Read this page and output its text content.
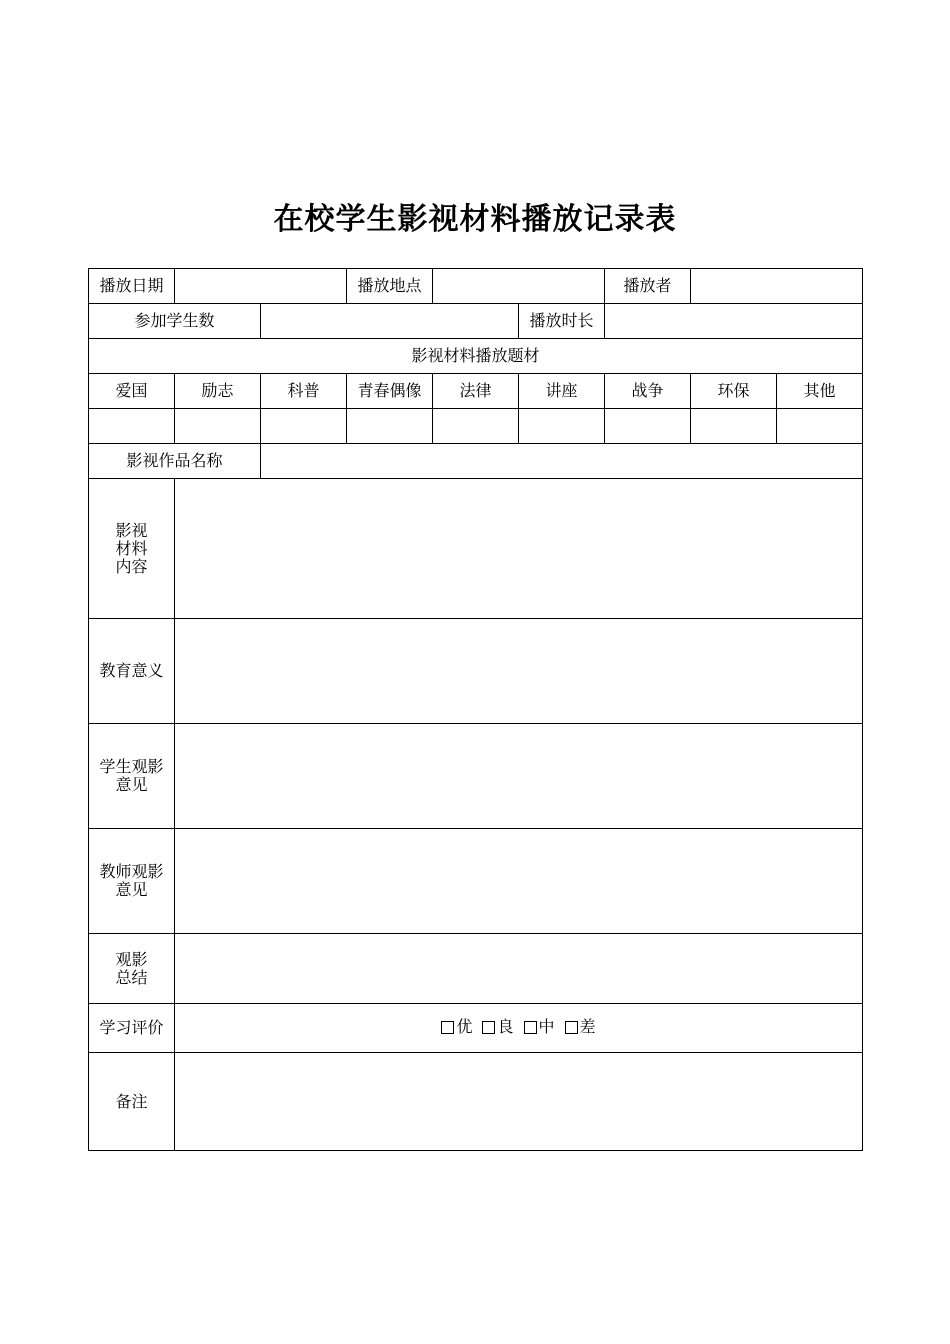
在校学生影视材料播放记录表
播放日期			播放地点			播放者		
参加学生数					播放时长			
影视材料播放题材								
爱国	励志	科普	青春偶像	法律	讲座	战争	环保	其他

影视作品名称								

影视
材料
内容								

教育意义								

学生观影
意见								

教师观影
意见								

观影
总结								

学习评价	优 良 中 差							

备注								
